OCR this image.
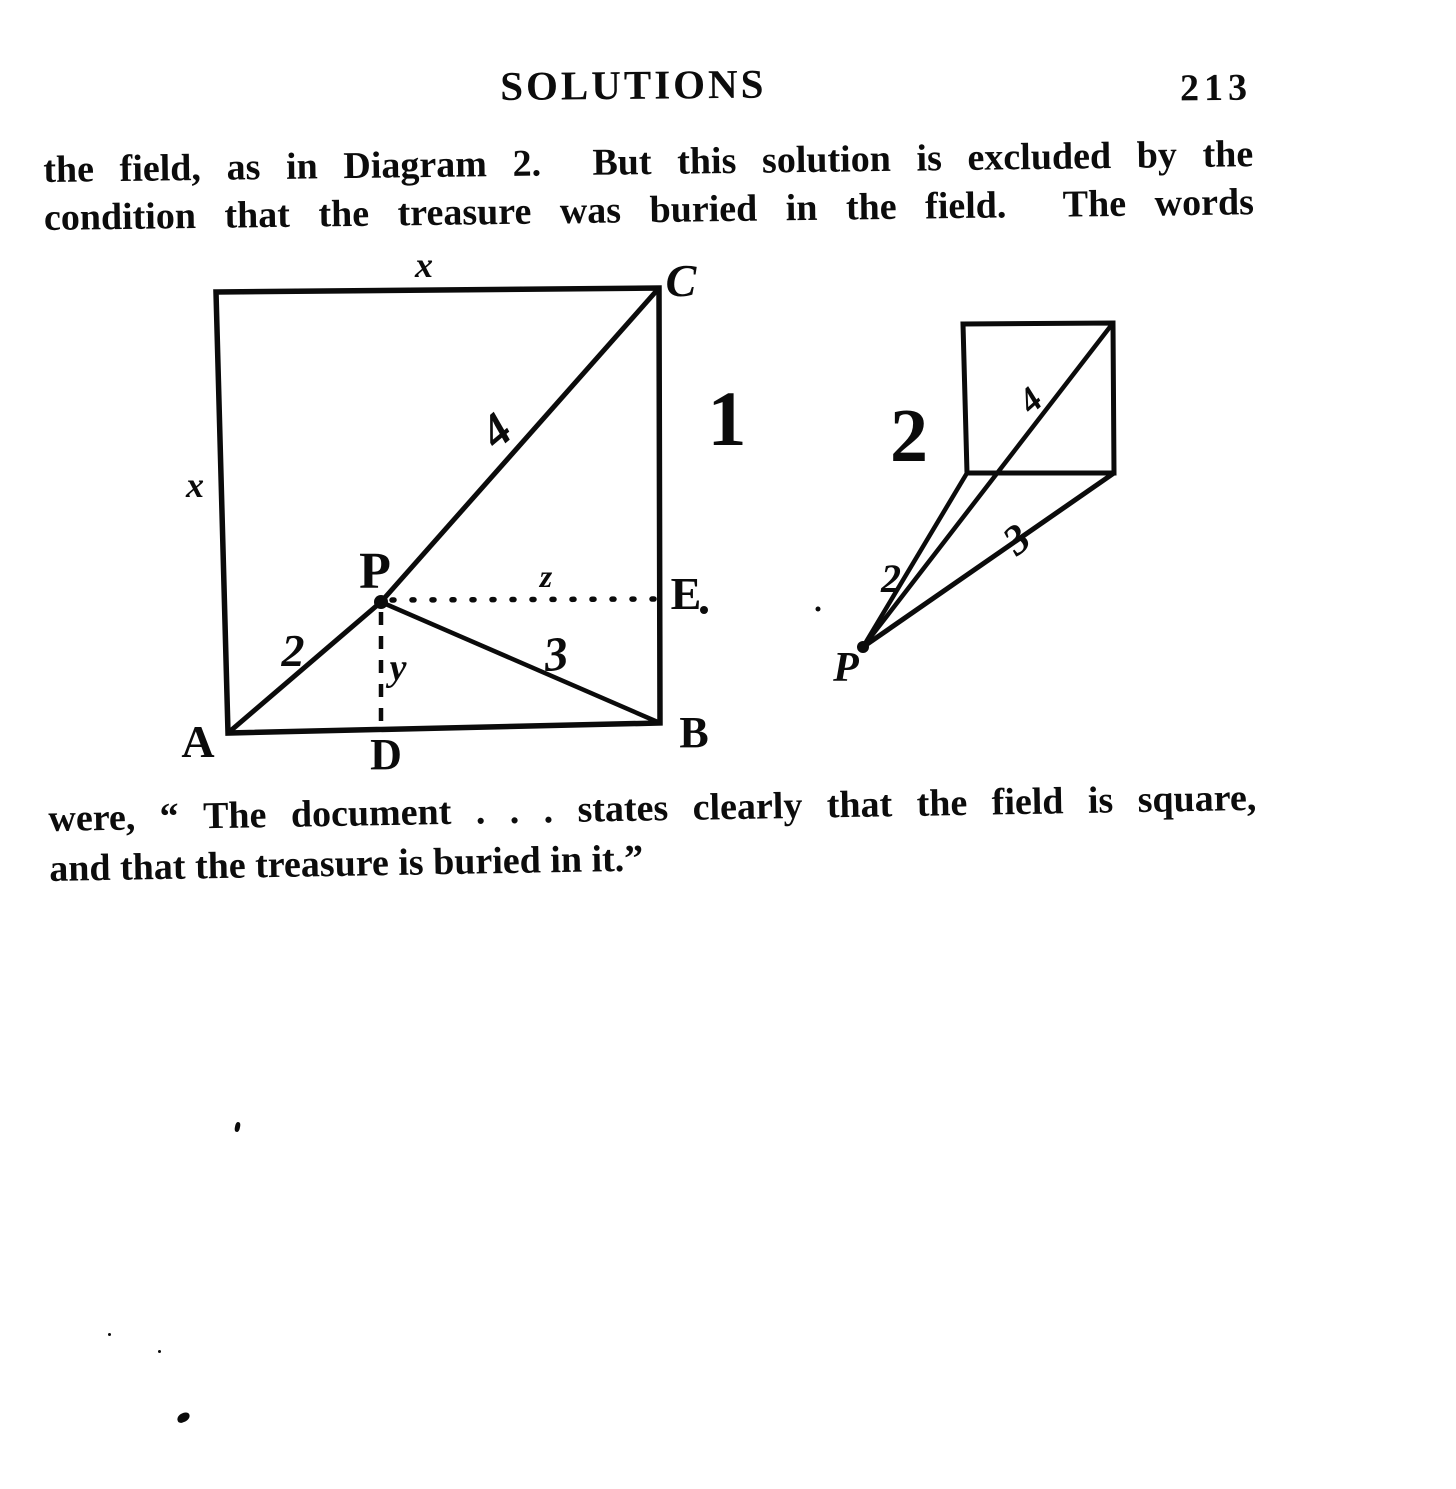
SOLUTIONS	213
the field, as in Diagram 2.  But this solution is excluded by the
condition that the treasure was buried in the field.  The words
x
x
P
A	B
C
D
E
2
4
3
z
y
1
P
2
3
4
2
were, “ The document . . . states clearly that the field is square,
and that the treasure is buried in it.”
